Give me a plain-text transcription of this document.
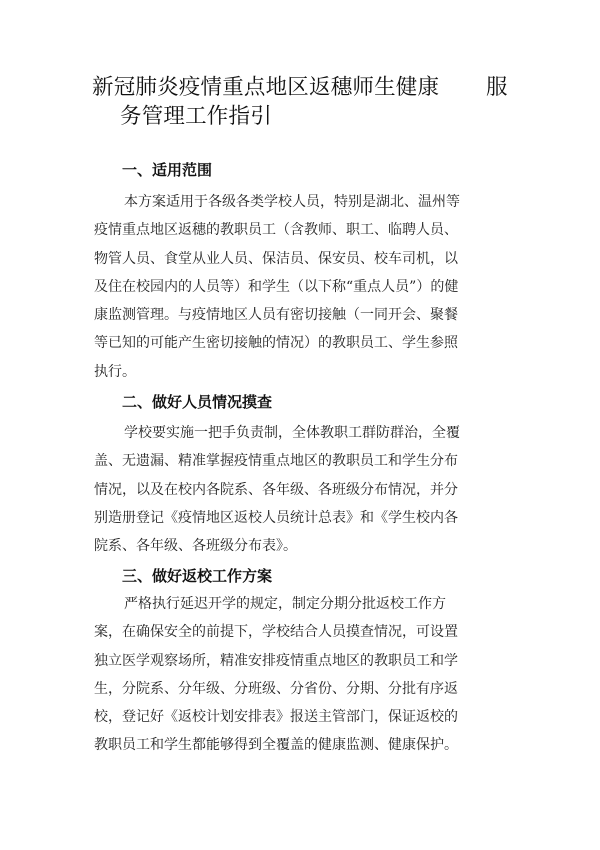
新冠肺炎疫情重点地区返穗师生健康 服
务管理工作指引
一、适用范围
本方案适用于各级各类学校人员，特别是湖北、温州等
疫情重点地区返穗的教职员工（含教师、职工、临聘人员、
物管人员、食堂从业人员、保洁员、保安员、校车司机，以
及住在校园内的人员等）和学生（以下称“重点人员”）的健
康监测管理。与疫情地区人员有密切接触（一同开会、聚餐
等已知的可能产生密切接触的情况）的教职员工、学生参照
执行。
二、做好人员情况摸查
学校要实施一把手负责制，全体教职工群防群治，全覆
盖、无遗漏、精准掌握疫情重点地区的教职员工和学生分布
情况，以及在校内各院系、各年级、各班级分布情况，并分
别造册登记《疫情地区返校人员统计总表》和《学生校内各
院系、各年级、各班级分布表》。
三、做好返校工作方案
严格执行延迟开学的规定，制定分期分批返校工作方
案，在确保安全的前提下，学校结合人员摸查情况，可设置
独立医学观察场所，精准安排疫情重点地区的教职员工和学
生，分院系、分年级、分班级、分省份、分期、分批有序返
校，登记好《返校计划安排表》报送主管部门，保证返校的
教职员工和学生都能够得到全覆盖的健康监测、健康保护。
